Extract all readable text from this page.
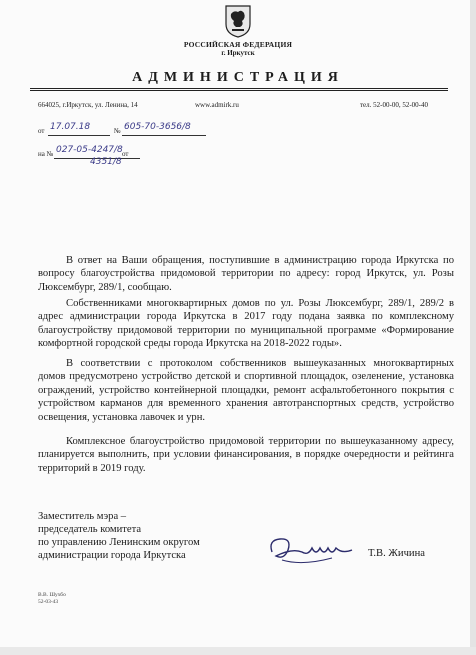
РОССИЙСКАЯ ФЕДЕРАЦИЯ
г. Иркутск
АДМИНИСТРАЦИЯ
664025, г.Иркутск, ул. Ленина, 14	www.admirk.ru	тел. 52-00-00, 52-00-40
от 17.07.18	№ 605-70-3656/8
на № 027-05-4247/8 от
4351/8

В ответ на Ваши обращения, поступившие в администрацию города Иркутска по вопросу благоустройства придомовой территории по адресу: город Иркутск, ул. Розы Люксембург, 289/1, сообщаю.

Собственниками многоквартирных домов по ул. Розы Люксембург, 289/1, 289/2 в адрес администрации города Иркутска в 2017 году подана заявка по комплексному благоустройству придомовой территории по муниципальной программе «Формирование комфортной городской среды города Иркутска на 2018-2022 годы».

В соответствии с протоколом собственников вышеуказанных многоквартирных домов предусмотрено устройство детской и спортивной площадок, озеленение, установка ограждений, устройство контейнерной площадки, ремонт асфальтобетонного покрытия с устройством карманов для временного хранения автотранспортных средств, устройство освещения, установка лавочек и урн.

Комплексное благоустройство придомовой территории по вышеуказанному адресу, планируется выполнить, при условии финансирования, в порядке очередности и рейтинга территорий в 2019 году.

Заместитель мэра –
председатель комитета
по управлению Ленинским округом
администрации города Иркутска	Т.В. Жичина
В.В. Шухбо
52-03-43
